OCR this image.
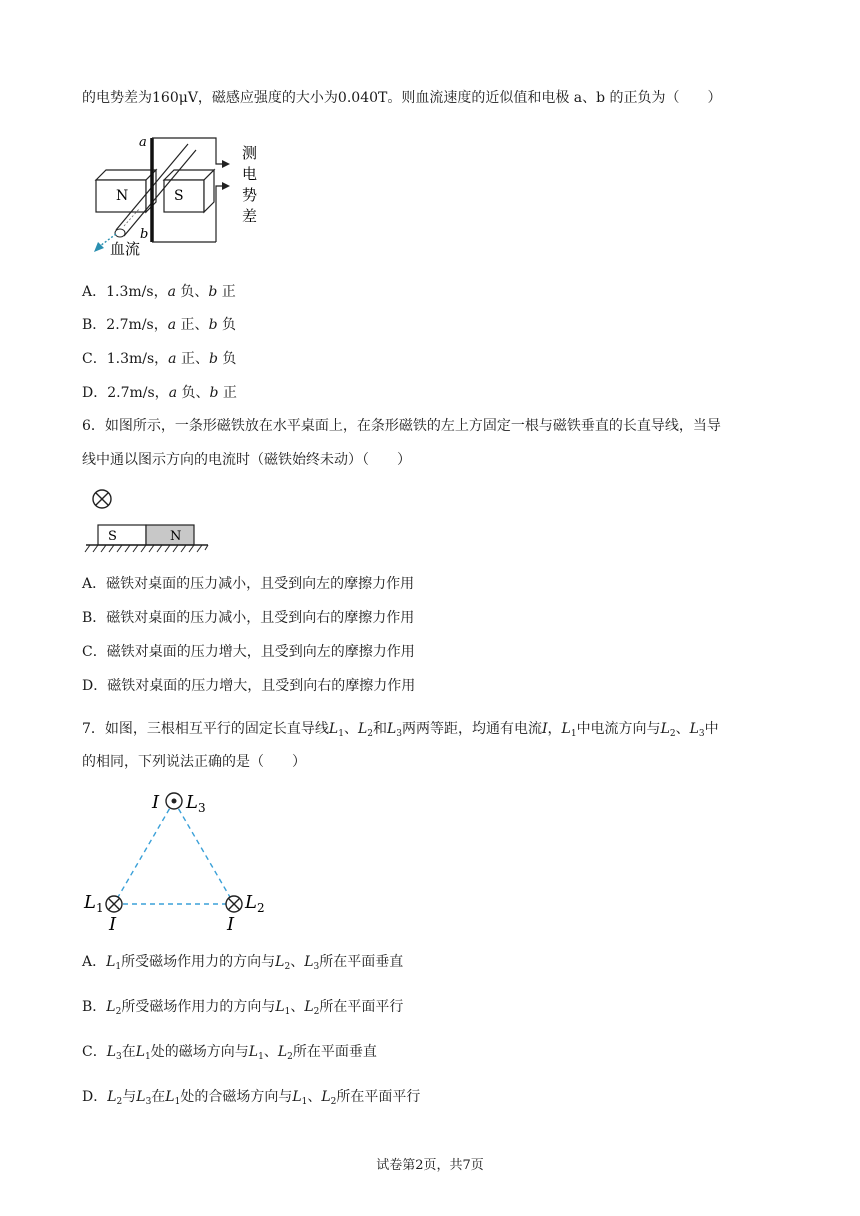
的电势差为160μV，磁感应强度的大小为0.040T。则血流速度的近似值和电极 a、b 的正负为（　　）
N	S
a
b
测
电
势
差
血流
A．1.3m/s，a 负、b 正
B．2.7m/s，a 正、b 负
C．1.3m/s，a 正、b 负
D．2.7m/s，a 负、b 正
6．如图所示，一条形磁铁放在水平桌面上，在条形磁铁的左上方固定一根与磁铁垂直的长直导线，当导
线中通以图示方向的电流时（磁铁始终未动）（　　）
S	N
A．磁铁对桌面的压力减小，且受到向左的摩擦力作用
B．磁铁对桌面的压力减小，且受到向右的摩擦力作用
C．磁铁对桌面的压力增大，且受到向左的摩擦力作用
D．磁铁对桌面的压力增大，且受到向右的摩擦力作用
7．如图，三根相互平行的固定长直导线$L_1$、$L_2$和$L_3$两两等距，均通有电流I，$L_1$中电流方向与$L_2$、$L_3$中
的相同，下列说法正确的是（　　）
I $L_3$
$L_1$
I
$L_2$
I
A．$L_1$所受磁场作用力的方向与$L_2$、$L_3$所在平面垂直
B．$L_2$所受磁场作用力的方向与$L_1$、$L_2$所在平面平行
C．$L_3$在$L_1$处的磁场方向与$L_1$、$L_2$所在平面垂直
D．$L_2$与$L_3$在$L_1$处的合磁场方向与$L_1$、$L_2$所在平面平行
试卷第2页，共7页
